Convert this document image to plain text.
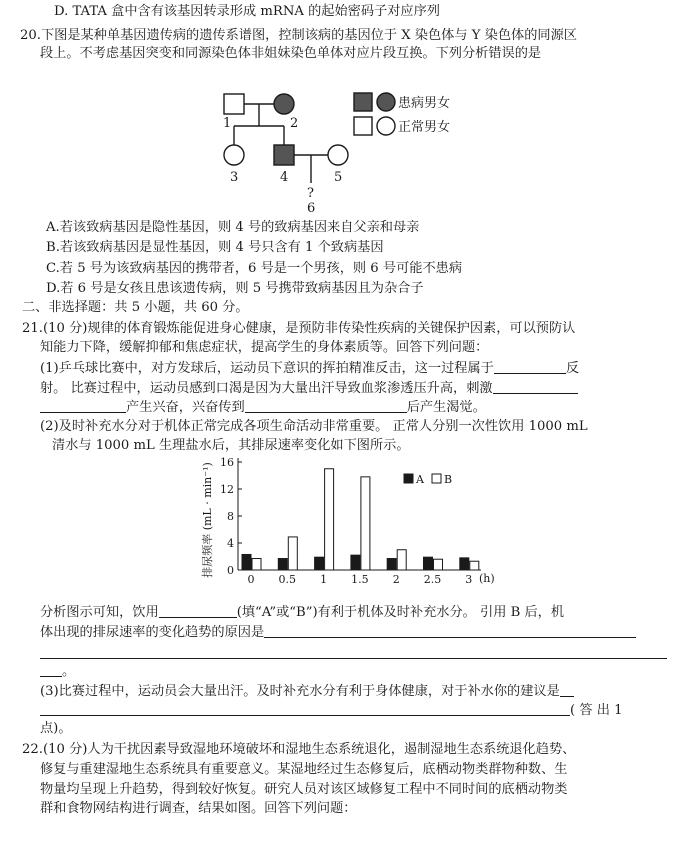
D. TATA 盒中含有该基因转录形成 mRNA 的起始密码子对应序列
20.下图是某种单基因遗传病的遗传系谱图，控制该病的基因位于 X 染色体与 Y 染色体的同源区
段上。不考虑基因突变和同源染色体非姐妹染色单体对应片段互换。下列分析错误的是
1	2
3	4	5
?
6
患病男女
正常男女
A.若该致病基因是隐性基因，则 4 号的致病基因来自父亲和母亲
B.若该致病基因是显性基因，则 4 号只含有 1 个致病基因
C.若 5 号为该致病基因的携带者，6 号是一个男孩，则 6 号可能不患病
D.若 6 号是女孩且患该遗传病，则 5 号携带致病基因且为杂合子
二、非选择题：共 5 小题，共 60 分。
21.(10 分)规律的体育锻炼能促进身心健康，是预防非传染性疾病的关键保护因素，可以预防认
知能力下降，缓解抑郁和焦虑症状，提高学生的身体素质等。回答下列问题：
(1)乒乓球比赛中，对方发球后，运动员下意识的挥拍精准反击，这一过程属于	反
射。 比赛过程中，运动员感到口渴是因为大量出汗导致血浆渗透压升高，刺激
产生兴奋，兴奋传到	后产生渴觉。
(2)及时补充水分对于机体正常完成各项生命活动非常重要。 正常人分别一次性饮用 1000 mL
清水与 1000 mL 生理盐水后，其排尿速率变化如下图所示。
0
4
8
12
16
0 0.5 1 1.5 2 2.5 3
排尿频率 (mL · min⁻¹)
(h)
A B
分析图示可知，饮用	(填“A”或“B”)有利于机体及时补充水分。 引用 B 后，机
体出现的排尿速率的变化趋势的原因是
。
(3)比赛过程中，运动员会大量出汗。及时补充水分有利于身体健康，对于补水你的建议是
( 答 出 1
点)。
22.(10 分)人为干扰因素导致湿地环境破坏和湿地生态系统退化，遏制湿地生态系统退化趋势、
修复与重建湿地生态系统具有重要意义。某湿地经过生态修复后，底栖动物类群物种数、生
物量均呈现上升趋势，得到较好恢复。研究人员对该区域修复工程中不同时间的底栖动物类
群和食物网结构进行调查，结果如图。回答下列问题：
